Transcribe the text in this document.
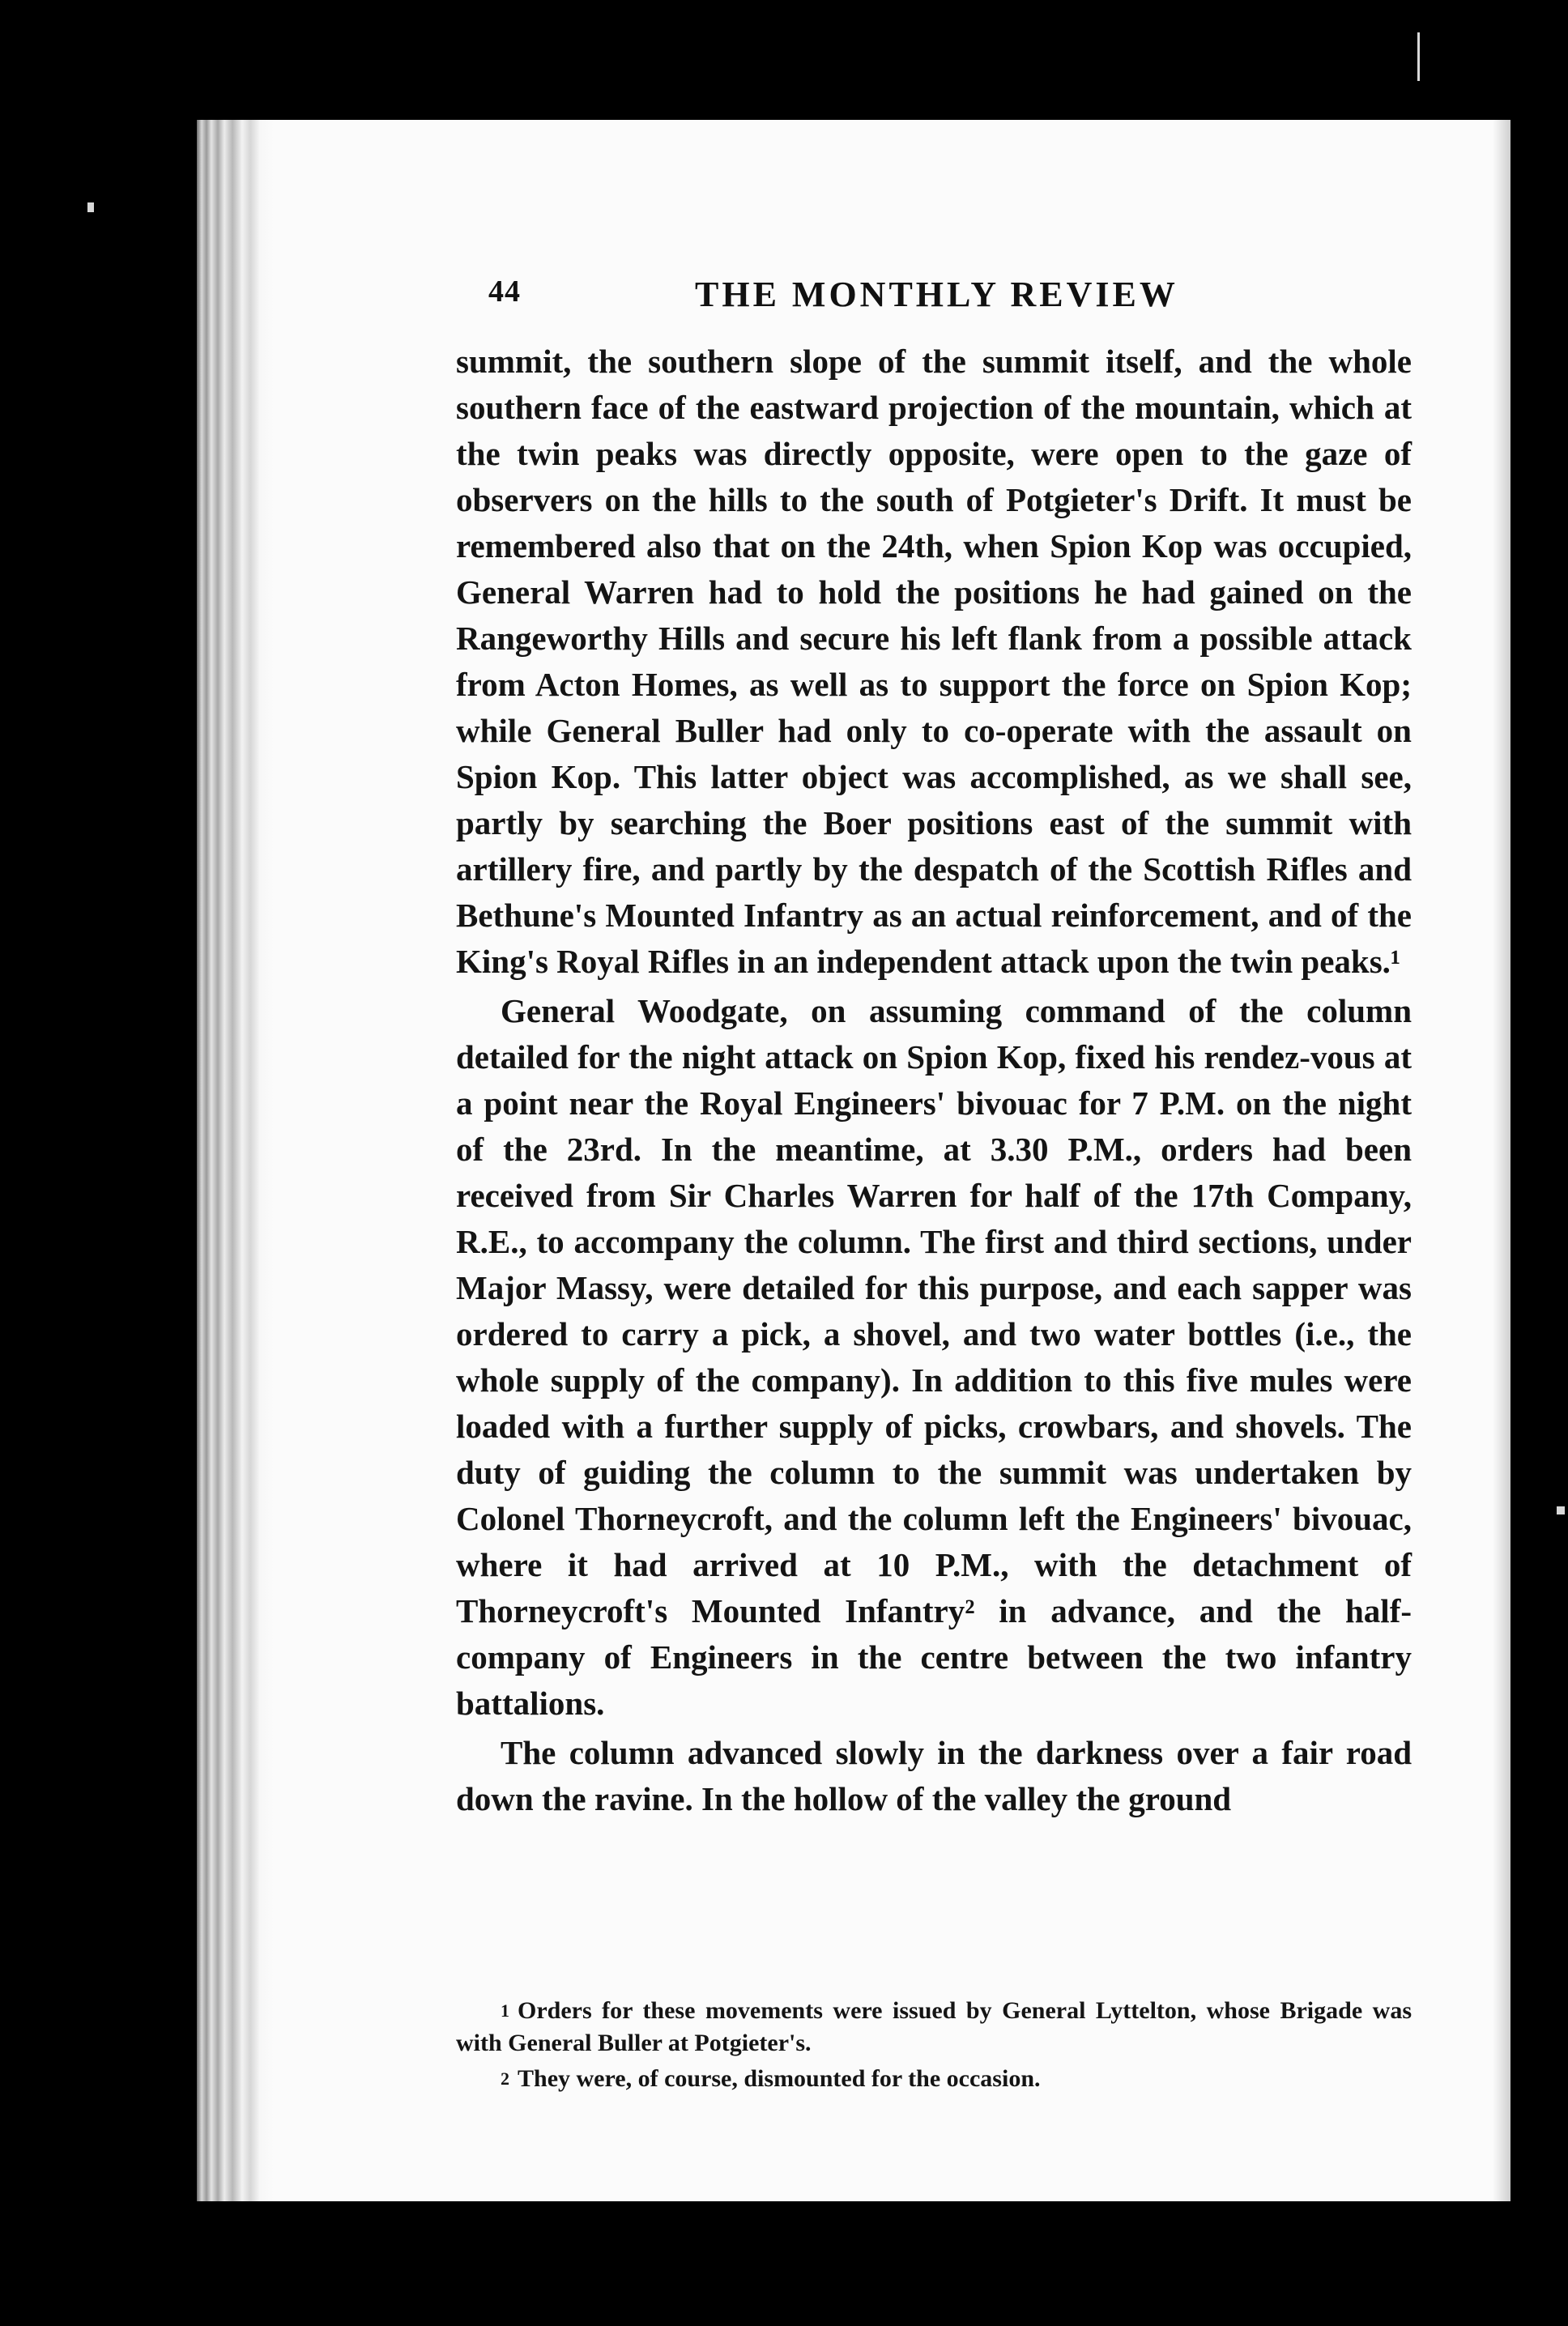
44	THE MONTHLY REVIEW

summit, the southern slope of the summit itself, and the whole southern face of the eastward projection of the mountain, which at the twin peaks was directly opposite, were open to the gaze of observers on the hills to the south of Potgieter's Drift. It must be remembered also that on the 24th, when Spion Kop was occupied, General Warren had to hold the positions he had gained on the Rangeworthy Hills and secure his left flank from a possible attack from Acton Homes, as well as to support the force on Spion Kop; while General Buller had only to co-operate with the assault on Spion Kop. This latter object was accomplished, as we shall see, partly by searching the Boer positions east of the summit with artillery fire, and partly by the despatch of the Scottish Rifles and Bethune's Mounted Infantry as an actual reinforcement, and of the King's Royal Rifles in an independent attack upon the twin peaks.¹

General Woodgate, on assuming command of the column detailed for the night attack on Spion Kop, fixed his rendez-vous at a point near the Royal Engineers' bivouac for 7 P.M. on the night of the 23rd. In the meantime, at 3.30 P.M., orders had been received from Sir Charles Warren for half of the 17th Company, R.E., to accompany the column. The first and third sections, under Major Massy, were detailed for this purpose, and each sapper was ordered to carry a pick, a shovel, and two water bottles (i.e., the whole supply of the company). In addition to this five mules were loaded with a further supply of picks, crowbars, and shovels. The duty of guiding the column to the summit was undertaken by Colonel Thorneycroft, and the column left the Engineers' bivouac, where it had arrived at 10 P.M., with the detachment of Thorneycroft's Mounted Infantry² in advance, and the half-company of Engineers in the centre between the two infantry battalions.

The column advanced slowly in the darkness over a fair road down the ravine. In the hollow of the valley the ground

$^1$ Orders for these movements were issued by General Lyttelton, whose Brigade was with General Buller at Potgieter's.

$^2$ They were, of course, dismounted for the occasion.
